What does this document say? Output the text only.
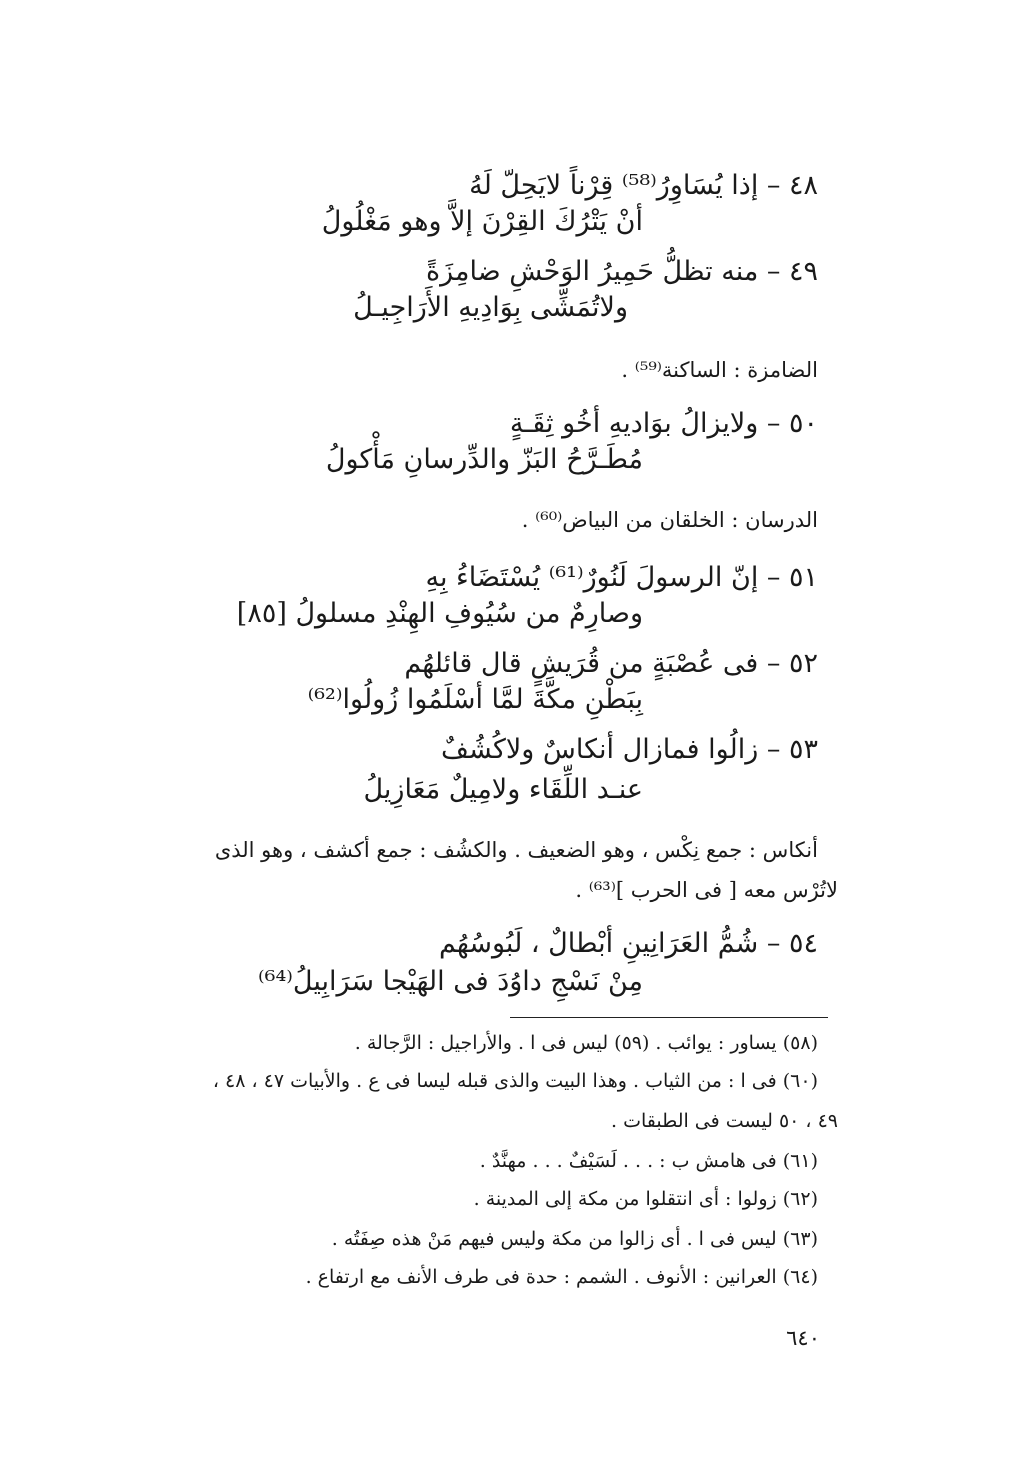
٤٨ – إذا يُسَاوِرُ⁽⁵⁸⁾ قِرْناً لايَحِلّ لَهُ
أنْ يَتْرُكَ القِرْنَ إلاَّ وهو مَغْلُولُ
٤٩ – منه تظلُّ حَمِيرُ الوَحْشِ ضامِزَةً
ولاتُمَشِّى بِوَادِيهِ الأَرَاجِيـلُ
الضامزة : الساكنة⁽⁵⁹⁾ .
٥٠ – ولايزالُ بوَاديهِ أخُو ثِقَـةٍ
مُطَـرَّحُ البَزّ والدِّرسانِ مَأْكولُ
الدرسان : الخلقان من البياض⁽⁶⁰⁾ .
٥١ – إنّ الرسولَ لَنُورٌ⁽⁶¹⁾ يُسْتَضَاءُ بِهِ
وصارِمٌ من سُيُوفِ الهِنْدِ مسلولُ [٨٥]
٥٢ – فى عُصْبَةٍ من قُرَيشٍ قال قائلهُم
بِبَطْنِ مكَّةَ لمَّا أسْلَمُوا زُولُوا⁽⁶²⁾
٥٣ – زالُوا فمازال أنكاسٌ ولاكُشُفٌ
عنـد اللِّقَاء ولامِيلٌ مَعَازِيلُ
أنكاس : جمع نِكْس ، وهو الضعيف . والكشُف : جمع أكشف ، وهو الذى
لاتُرْس معه [ فى الحرب ]⁽⁶³⁾ .
٥٤ – شُمُّ العَرَانِينِ أبْطالٌ ، لَبُوسُهُم
مِنْ نَسْجِ داوُدَ فى الهَيْجا سَرَابِيلُ⁽⁶⁴⁾
(٥٨) يساور : يوائب . (٥٩) ليس فى ا . والأراجيل : الرَّجالة .
(٦٠) فى ا : من الثياب . وهذا البيت والذى قبله ليسا فى ع . والأبيات ٤٧ ، ٤٨ ،
٤٩ ، ٥٠ ليست فى الطبقات .
(٦١) فى هامش ب : . . . لَسَيْفٌ . . . مهنَّدٌ .
(٦٢) زولوا : أى انتقلوا من مكة إلى المدينة .
(٦٣) ليس فى ا . أى زالوا من مكة وليس فيهم مَنْ هذه صِفَتُه .
(٦٤) العرانين : الأنوف . الشمم : حدة فى طرف الأنف مع ارتفاع .
٦٤٠
